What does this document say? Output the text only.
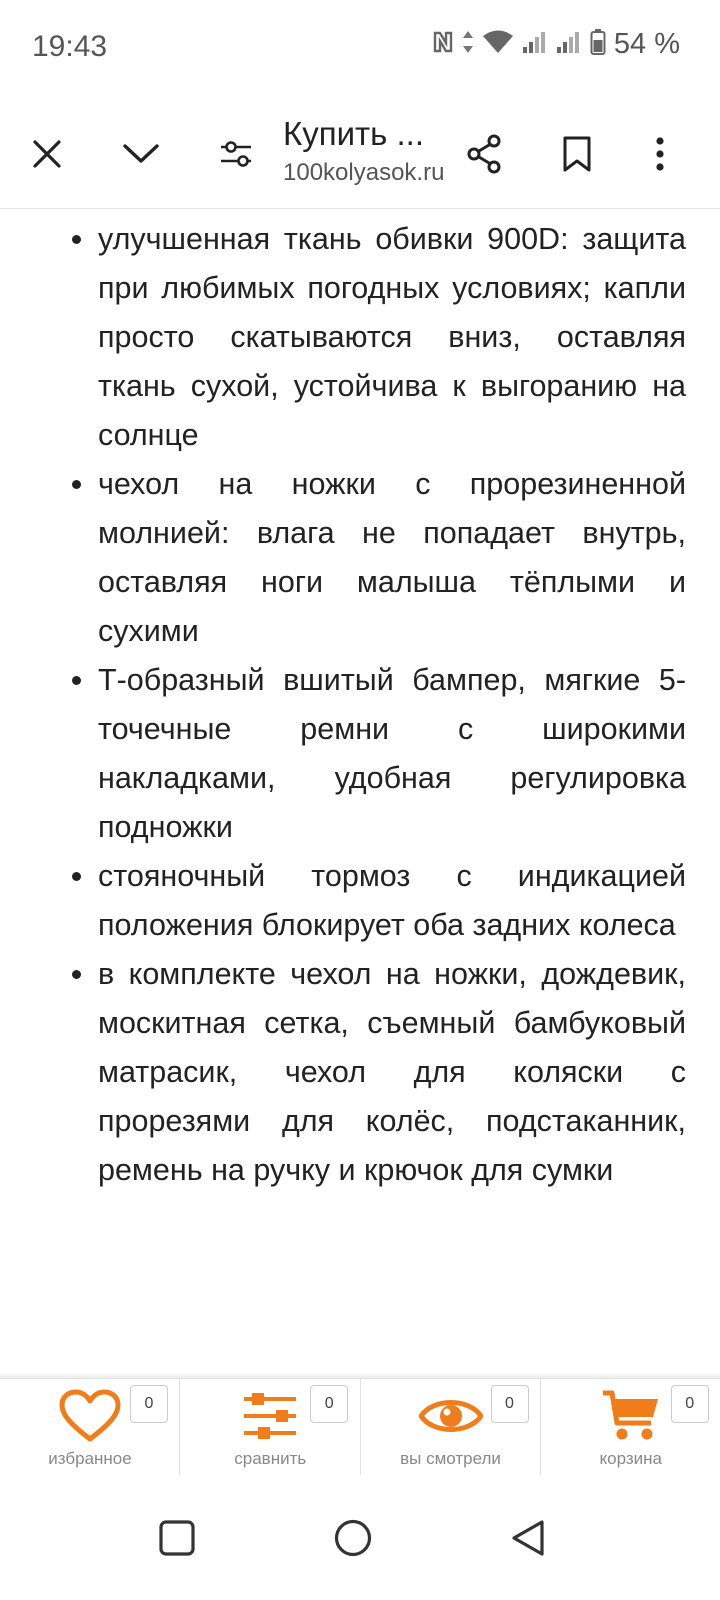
19:43	54 %
Купить ...
100kolyasok.ru
улучшенная ткань обивки 900D: защита при любимых погодных условиях; капли просто скатываются вниз, оставляя ткань сухой, устойчива к выгоранию на солнце
чехол на ножки с прорезиненной молнией: влага не попадает внутрь, оставляя ноги малыша тёплыми и сухими
Т-образный вшитый бампер, мягкие 5-точечные ремни с широкими накладками, удобная регулировка подножки
стояночный тормоз с индикацией положения блокирует оба задних колеса
в комплекте чехол на ножки, дождевик, москитная сетка, съемный бамбуковый матрасик, чехол для коляски с прорезями для колёс, подстаканник, ремень на ручку и крючок для сумки
0
избранное
0
сравнить
0
вы смотрели
0
корзина
